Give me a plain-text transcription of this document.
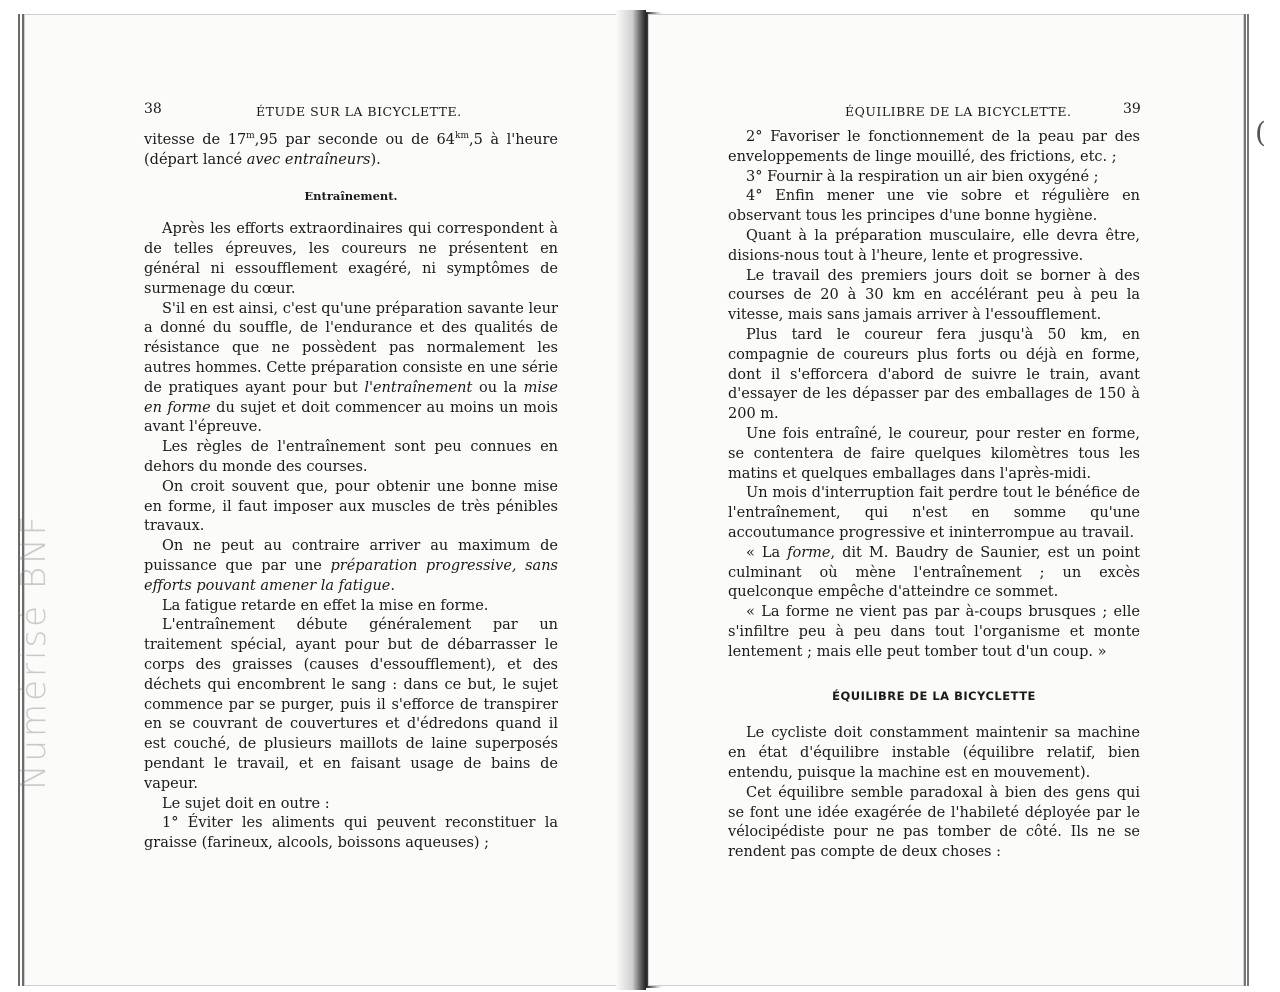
(
Numérisé BNF
38	ÉTUDE SUR LA BICYCLETTE.

vitesse de 17$^m$,95 par seconde ou de $64^{km},5$ à l'heure (départ lancé avec entraîneurs).

Entraînement.

Après les efforts extraordinaires qui correspondent à de telles épreuves, les coureurs ne présentent en général ni essoufflement exagéré, ni symptômes de surmenage du cœur.

S'il en est ainsi, c'est qu'une préparation savante leur a donné du souffle, de l'endurance et des qualités de résistance que ne possèdent pas normalement les autres hommes. Cette préparation consiste en une série de pratiques ayant pour but l'entraînement ou la mise en forme du sujet et doit commencer au moins un mois avant l'épreuve.

Les règles de l'entraînement sont peu connues en dehors du monde des courses.

On croit souvent que, pour obtenir une bonne mise en forme, il faut imposer aux muscles de très pénibles travaux.

On ne peut au contraire arriver au maximum de puissance que par une préparation progressive, sans efforts pouvant amener la fatigue.

La fatigue retarde en effet la mise en forme.

L'entraînement débute généralement par un traitement spécial, ayant pour but de débarrasser le corps des graisses (causes d'essoufflement), et des déchets qui encombrent le sang : dans ce but, le sujet commence par se purger, puis il s'efforce de transpirer en se couvrant de couvertures et d'édredons quand il est couché, de plusieurs maillots de laine superposés pendant le travail, et en faisant usage de bains de vapeur.

Le sujet doit en outre :

1° Éviter les aliments qui peuvent reconstituer la graisse (farineux, alcools, boissons aqueuses) ;

ÉQUILIBRE DE LA BICYCLETTE.	39

2° Favoriser le fonctionnement de la peau par des enveloppements de linge mouillé, des frictions, etc. ;

3° Fournir à la respiration un air bien oxygéné ;

4° Enfin mener une vie sobre et régulière en observant tous les principes d'une bonne hygiène.

Quant à la préparation musculaire, elle devra être, disions-nous tout à l'heure, lente et progressive.

Le travail des premiers jours doit se borner à des courses de 20 à 30 km en accélérant peu à peu la vitesse, mais sans jamais arriver à l'essoufflement.

Plus tard le coureur fera jusqu'à 50 km, en compagnie de coureurs plus forts ou déjà en forme, dont il s'efforcera d'abord de suivre le train, avant d'essayer de les dépasser par des emballages de 150 à 200 m.

Une fois entraîné, le coureur, pour rester en forme, se contentera de faire quelques kilomètres tous les matins et quelques emballages dans l'après-midi.

Un mois d'interruption fait perdre tout le bénéfice de l'entraînement, qui n'est en somme qu'une accoutumance progressive et ininterrompue au travail.

« La forme, dit M. Baudry de Saunier, est un point culminant où mène l'entraînement ; un excès quelconque empêche d'atteindre ce sommet.

« La forme ne vient pas par à-coups brusques ; elle s'infiltre peu à peu dans tout l'organisme et monte lentement ; mais elle peut tomber tout d'un coup. »

ÉQUILIBRE DE LA BICYCLETTE

Le cycliste doit constamment maintenir sa machine en état d'équilibre instable (équilibre relatif, bien entendu, puisque la machine est en mouvement).

Cet équilibre semble paradoxal à bien des gens qui se font une idée exagérée de l'habileté déployée par le vélocipédiste pour ne pas tomber de côté. Ils ne se rendent pas compte de deux choses :
